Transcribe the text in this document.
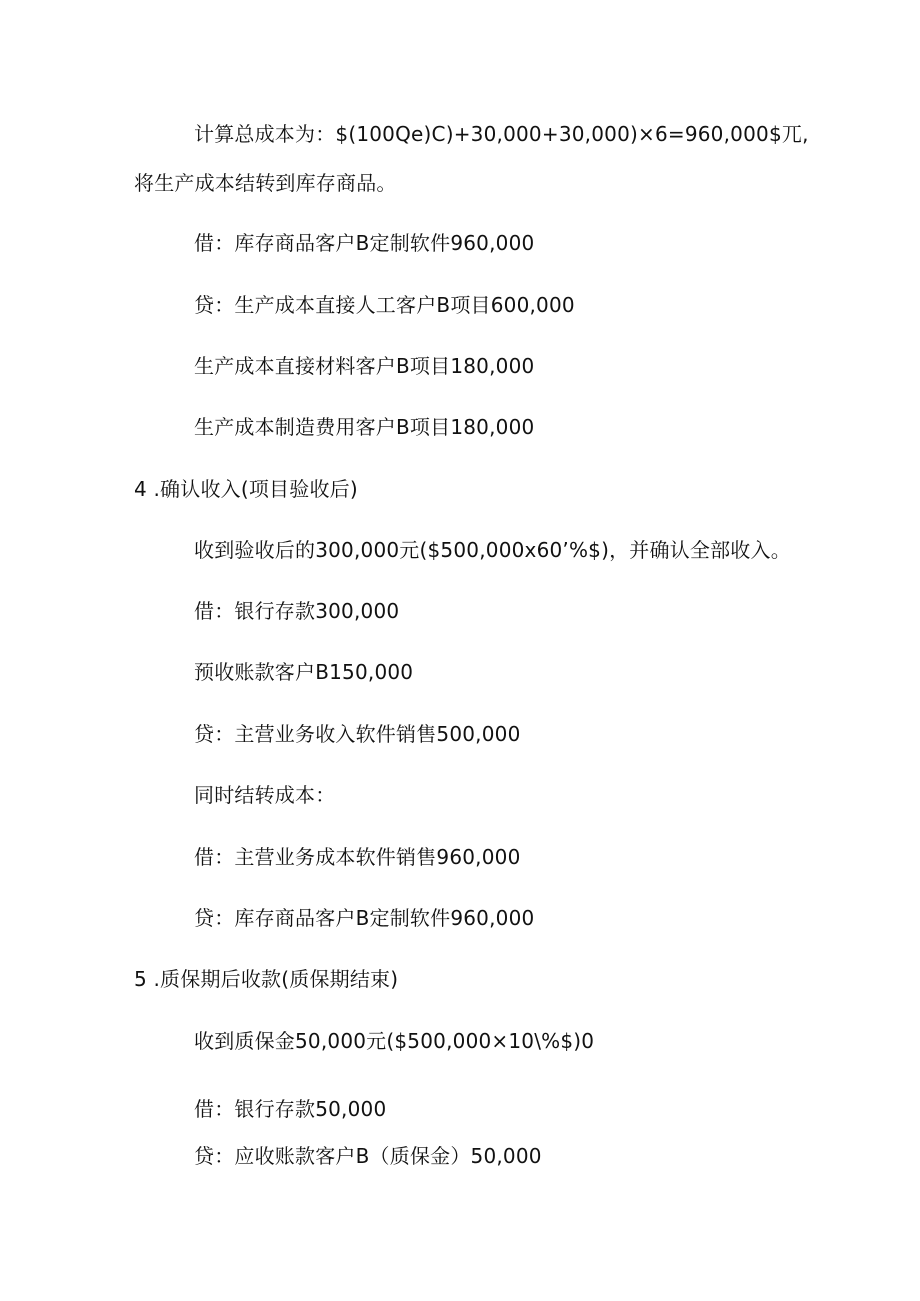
计算总成本为：$(100Qe)C)+30,000+30,000)×6=960,000$兀,
将生产成本结转到库存商品。
借：库存商品客户B定制软件960,000
贷：生产成本直接人工客户B项目600,000
生产成本直接材料客户B项目180,000
生产成本制造费用客户B项目180,000
4 .确认收入(项目验收后)
收到验收后的300,000元($500,000x60’%$)，并确认全部收入。
借：银行存款300,000
预收账款客户B150,000
贷：主营业务收入软件销售500,000
同时结转成本：
借：主营业务成本软件销售960,000
贷：库存商品客户B定制软件960,000
5 .质保期后收款(质保期结束)
收到质保金50,000元($500,000×10\%$)0
借：银行存款50,000
贷：应收账款客户B（质保金）50,000
